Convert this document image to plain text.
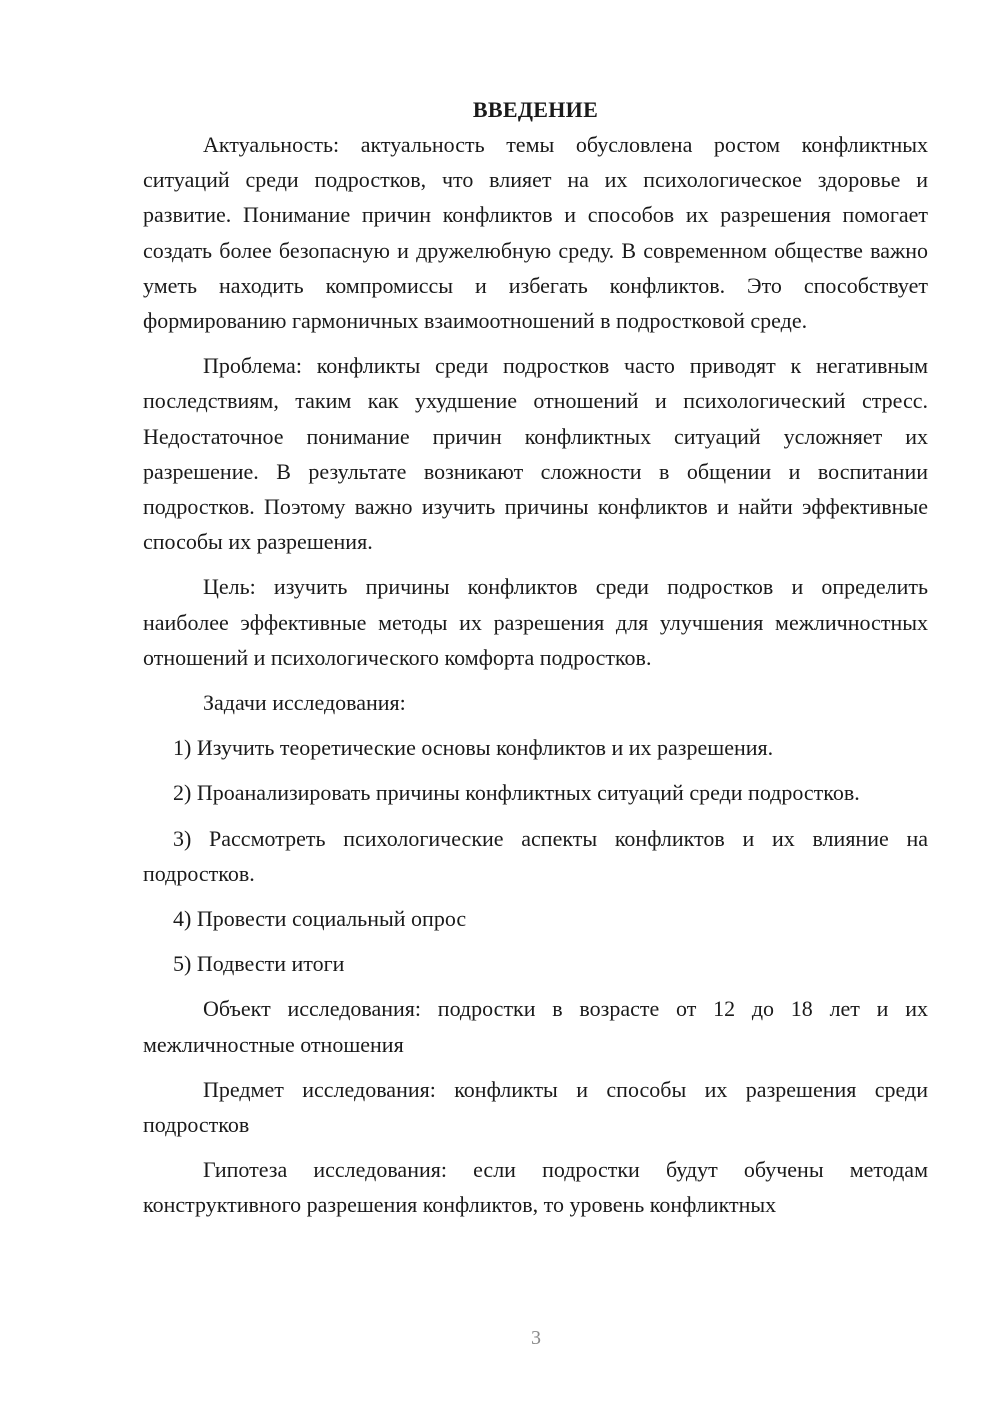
ВВЕДЕНИЕ

Актуальность: актуальность темы обусловлена ростом конфликтных ситуаций среди подростков, что влияет на их психологическое здоровье и развитие. Понимание причин конфликтов и способов их разрешения помогает создать более безопасную и дружелюбную среду. В современном обществе важно уметь находить компромиссы и избегать конфликтов. Это способствует формированию гармоничных взаимоотношений в подростковой среде.

Проблема: конфликты среди подростков часто приводят к негативным последствиям, таким как ухудшение отношений и психологический стресс. Недостаточное понимание причин конфликтных ситуаций усложняет их разрешение. В результате возникают сложности в общении и воспитании подростков. Поэтому важно изучить причины конфликтов и найти эффективные способы их разрешения.

Цель: изучить причины конфликтов среди подростков и определить наиболее эффективные методы их разрешения для улучшения межличностных отношений и психологического комфорта подростков.

Задачи исследования:

1) Изучить теоретические основы конфликтов и их разрешения.

2) Проанализировать причины конфликтных ситуаций среди подростков.

3) Рассмотреть психологические аспекты конфликтов и их влияние на подростков.

4) Провести социальный опрос

5) Подвести итоги

Объект исследования: подростки в возрасте от 12 до 18 лет и их межличностные отношения

Предмет исследования: конфликты и способы их разрешения среди подростков

Гипотеза исследования: если подростки будут обучены методам конструктивного разрешения конфликтов, то уровень конфликтных

3
